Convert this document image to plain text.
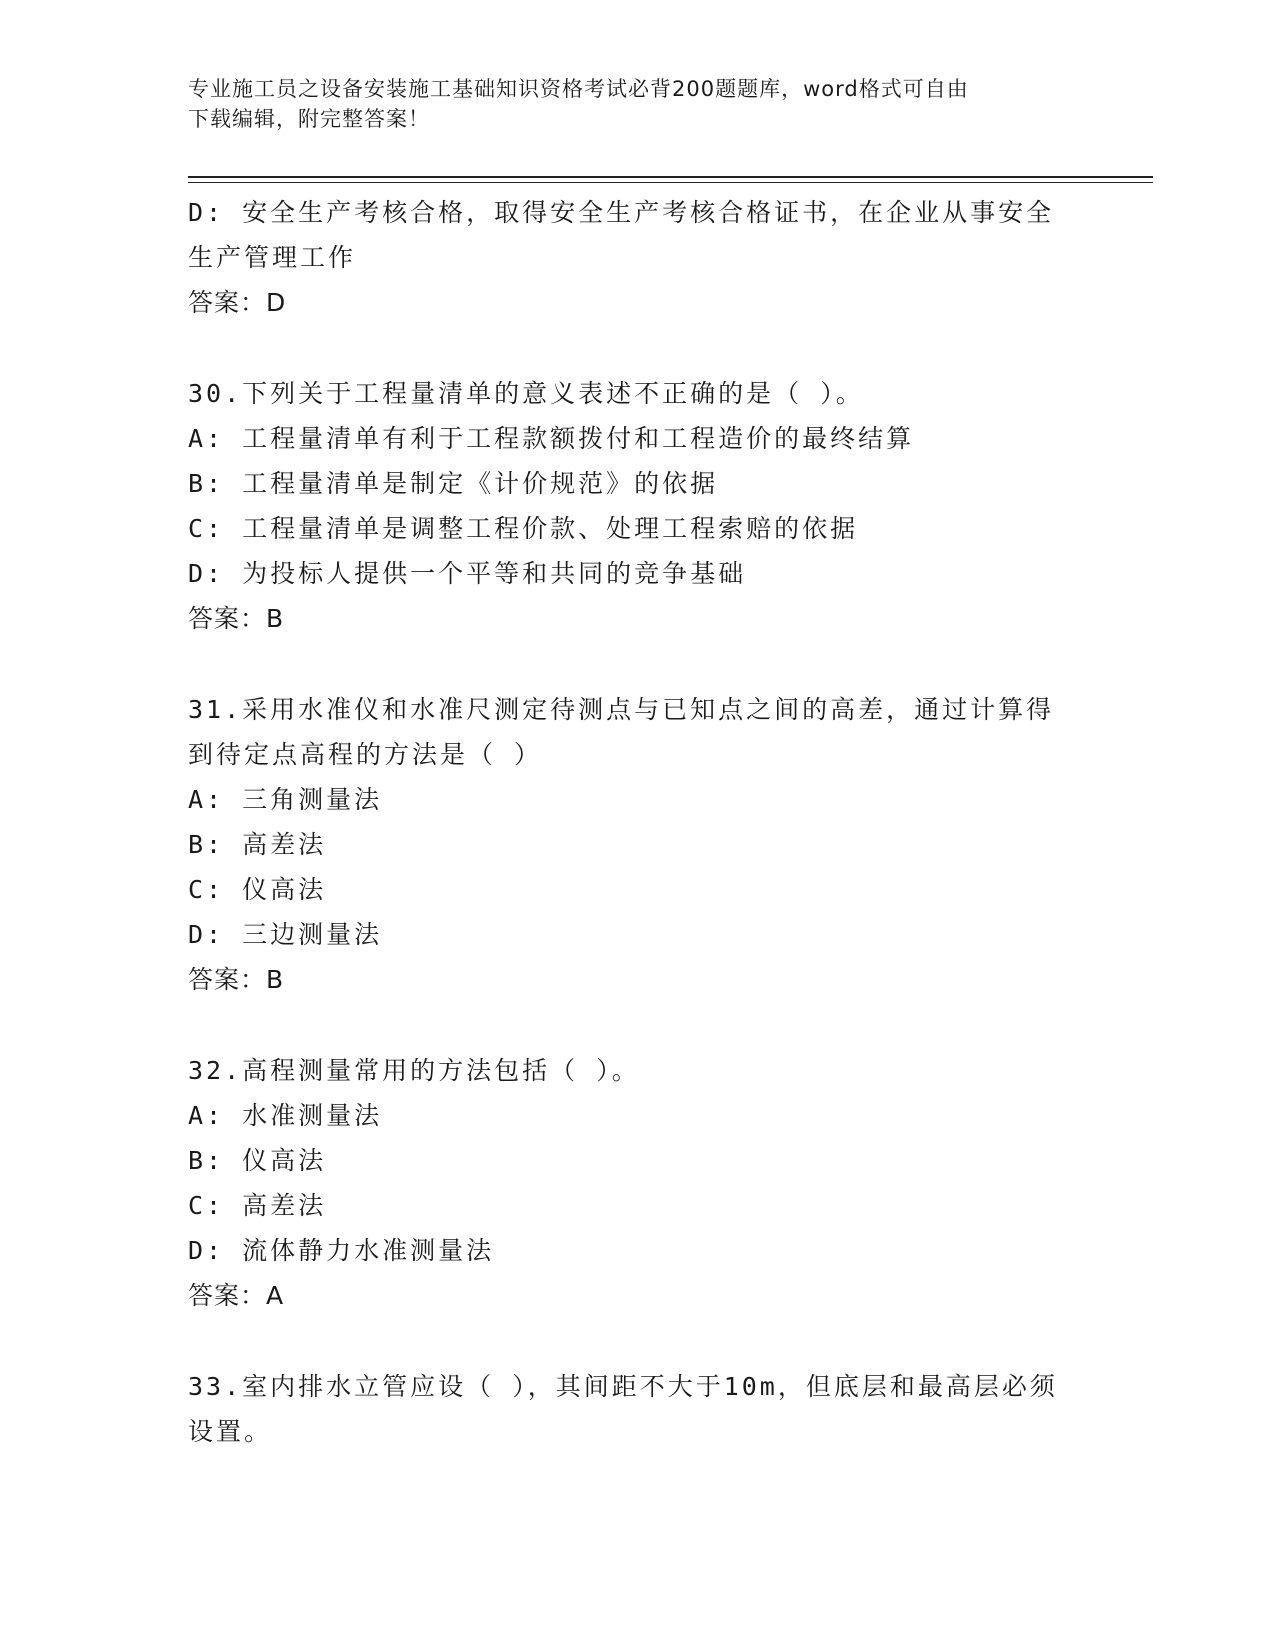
专业施工员之设备安装施工基础知识资格考试必背200题题库，word格式可自由
下载编辑，附完整答案！
D: 安全生产考核合格，取得安全生产考核合格证书，在企业从事安全
生产管理工作
答案：D
30.下列关于工程量清单的意义表述不正确的是（ ）。
A: 工程量清单有利于工程款额拨付和工程造价的最终结算
B: 工程量清单是制定《计价规范》的依据
C: 工程量清单是调整工程价款、处理工程索赔的依据
D: 为投标人提供一个平等和共同的竞争基础
答案：B
31.采用水准仪和水准尺测定待测点与已知点之间的高差，通过计算得
到待定点高程的方法是（ ）
A: 三角测量法
B: 高差法
C: 仪高法
D: 三边测量法
答案：B
32.高程测量常用的方法包括（ ）。
A: 水准测量法
B: 仪高法
C: 高差法
D: 流体静力水准测量法
答案：A
33.室内排水立管应设（ ），其间距不大于10m，但底层和最高层必须
设置。
